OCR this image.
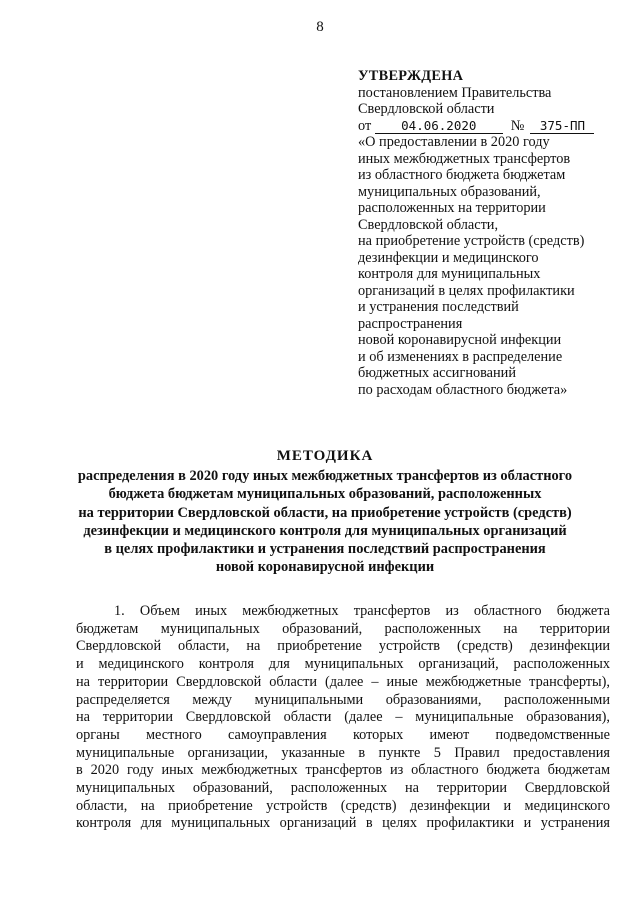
8
УТВЕРЖДЕНА
постановлением Правительства
Свердловской области
от
	04.06.2020	№	375-ПП
«О предоставлении в 2020 году
иных межбюджетных трансфертов
из областного бюджета бюджетам
муниципальных образований,
расположенных на территории
Свердловской области,
на приобретение устройств (средств)
дезинфекции и медицинского
контроля для муниципальных
организаций в целях профилактики
и устранения последствий
распространения
новой коронавирусной инфекции
и об изменениях в распределение
бюджетных ассигнований
по расходам областного бюджета»
МЕТОДИКА
распределения в 2020 году иных межбюджетных трансфертов из областного
бюджета бюджетам муниципальных образований, расположенных
на территории Свердловской области, на приобретение устройств (средств)
дезинфекции и медицинского контроля для муниципальных организаций
в целях профилактики и устранения последствий распространения
новой коронавирусной инфекции
1. Объем иных межбюджетных трансфертов из областного бюджета
бюджетам муниципальных образований, расположенных на территории
Свердловской области, на приобретение устройств (средств) дезинфекции
и медицинского контроля для муниципальных организаций, расположенных
на территории Свердловской области (далее – иные межбюджетные трансферты),
распределяется между муниципальными образованиями, расположенными
на территории Свердловской области (далее – муниципальные образования),
органы местного самоуправления которых имеют подведомственные
муниципальные организации, указанные в пункте 5 Правил предоставления
в 2020 году иных межбюджетных трансфертов из областного бюджета бюджетам
муниципальных образований, расположенных на территории Свердловской
области, на приобретение устройств (средств) дезинфекции и медицинского
контроля для муниципальных организаций в целях профилактики и устранения
